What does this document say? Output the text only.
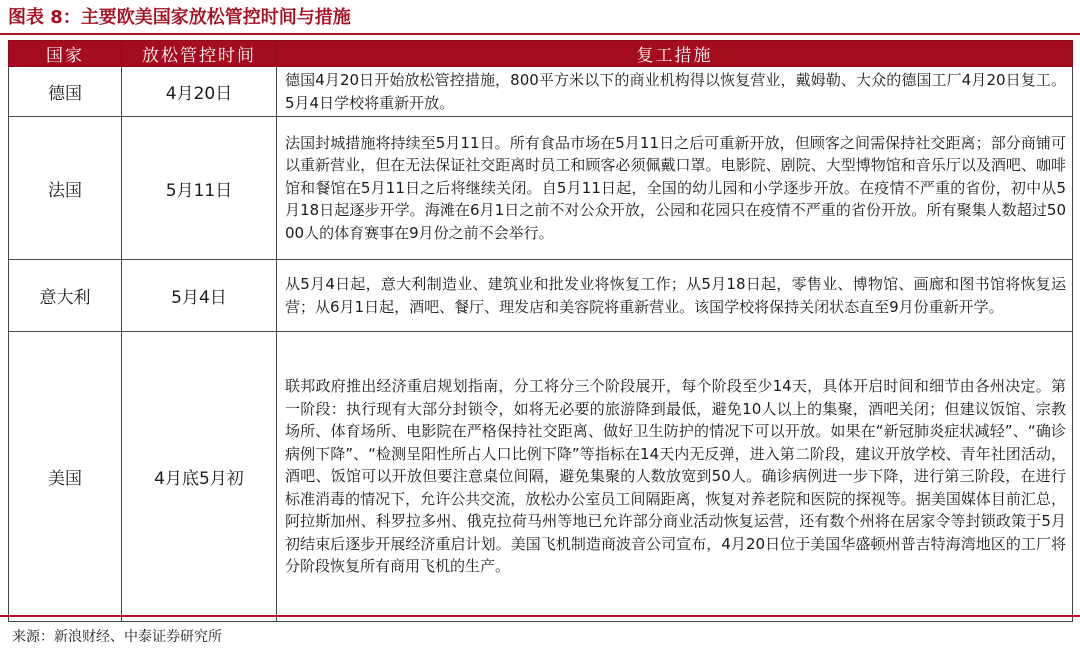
图表 8：主要欧美国家放松管控时间与措施
国家	放松管控时间	复工措施
德国	4月20日	德国4月20日开始放松管控措施，800平方米以下的商业机构得以恢复营业，戴姆勒、大众的德国工厂4月20日复工。5月4日学校将重新开放。
法国	5月11日	法国封城措施将持续至5月11日。所有食品市场在5月11日之后可重新开放，但顾客之间需保持社交距离；部分商铺可以重新营业，但在无法保证社交距离时员工和顾客必须佩戴口罩。电影院、剧院、大型博物馆和音乐厅以及酒吧、咖啡馆和餐馆在5月11日之后将继续关闭。自5月11日起，全国的幼儿园和小学逐步开放。在疫情不严重的省份，初中从5月18日起逐步开学。海滩在6月1日之前不对公众开放，公园和花园只在疫情不严重的省份开放。所有聚集人数超过5000人的体育赛事在9月份之前不会举行。
意大利	5月4日	从5月4日起，意大利制造业、建筑业和批发业将恢复工作；从5月18日起，零售业、博物馆、画廊和图书馆将恢复运营；从6月1日起，酒吧、餐厅、理发店和美容院将重新营业。该国学校将保持关闭状态直至9月份重新开学。
美国	4月底5月初	联邦政府推出经济重启规划指南，分工将分三个阶段展开，每个阶段至少14天，具体开启时间和细节由各州决定。第一阶段：执行现有大部分封锁令，如将无必要的旅游降到最低，避免10人以上的集聚，酒吧关闭；但建议饭馆、宗教场所、体育场所、电影院在严格保持社交距离、做好卫生防护的情况下可以开放。如果在“新冠肺炎症状减轻”、“确诊病例下降”、“检测呈阳性所占人口比例下降”等指标在14天内无反弹，进入第二阶段，建议开放学校、青年社团活动，酒吧、饭馆可以开放但要注意桌位间隔，避免集聚的人数放宽到50人。确诊病例进一步下降，进行第三阶段，在进行标准消毒的情况下，允许公共交流，放松办公室员工间隔距离，恢复对养老院和医院的探视等。据美国媒体目前汇总，阿拉斯加州、科罗拉多州、俄克拉荷马州等地已允许部分商业活动恢复运营，还有数个州将在居家令等封锁政策于5月初结束后逐步开展经济重启计划。美国飞机制造商波音公司宣布，4月20日位于美国华盛顿州普吉特海湾地区的工厂将分阶段恢复所有商用飞机的生产。
来源：新浪财经、中泰证券研究所
